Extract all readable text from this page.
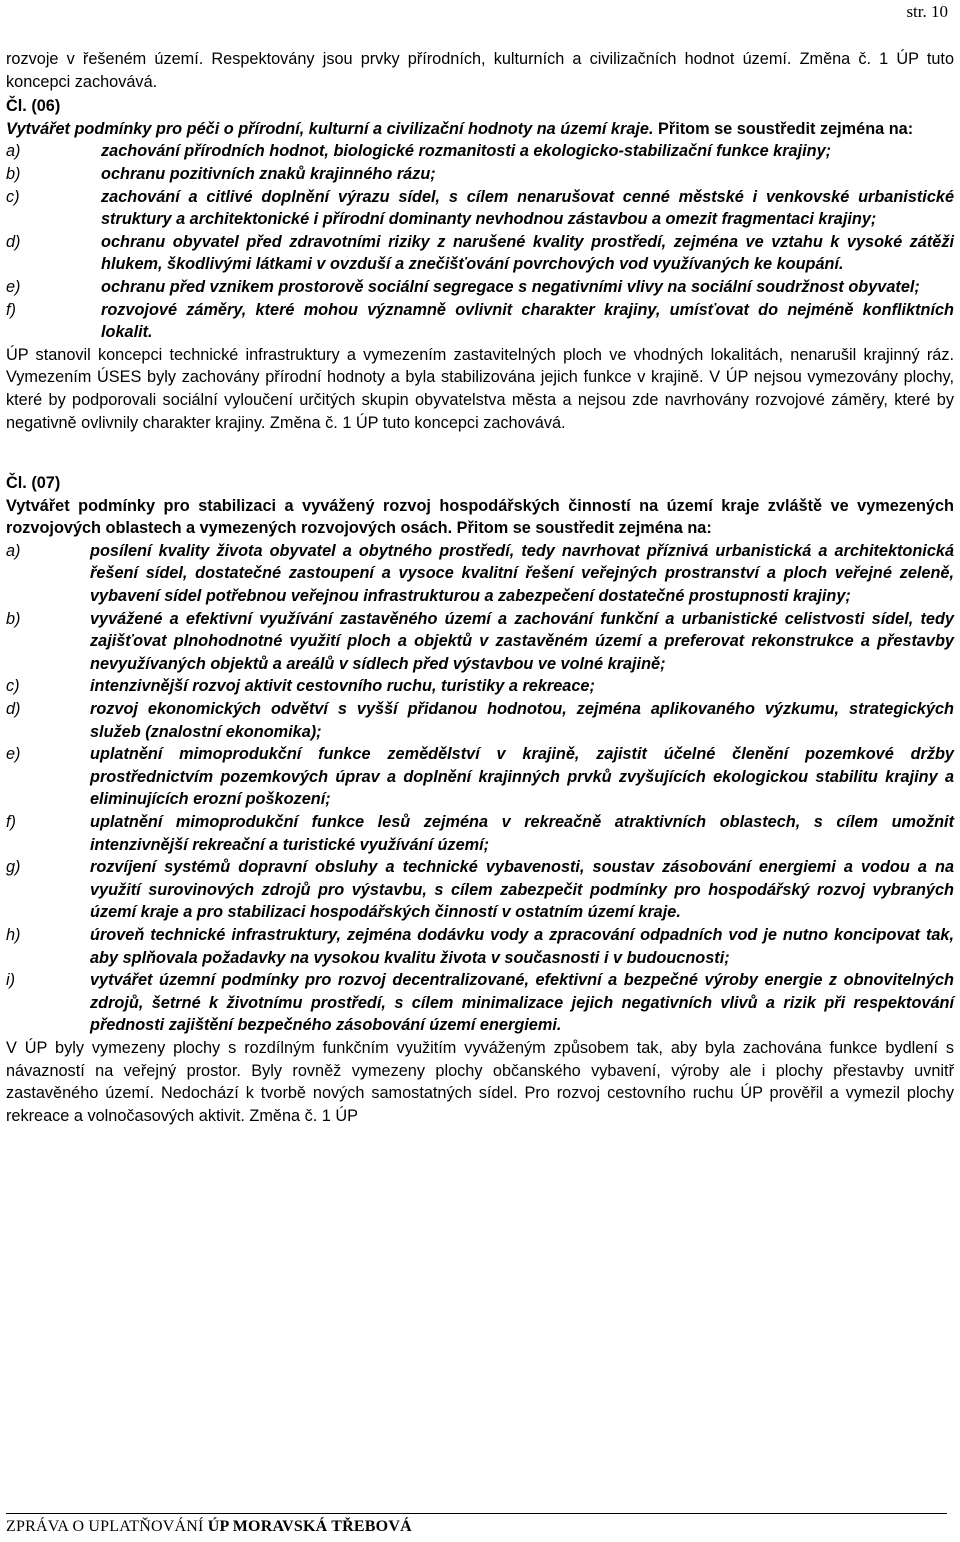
str. 10

rozvoje v řešeném území. Respektovány jsou prvky přírodních, kulturních a civilizačních hodnot území. Změna č. 1 ÚP tuto koncepci zachovává.

Čl. (06)

Vytvářet podmínky pro péči o přírodní, kulturní a civilizační hodnoty na území kraje. Přitom se soustředit zejména na:

a)	zachování přírodních hodnot, biologické rozmanitosti a ekologicko-stabilizační funkce krajiny;
b)	ochranu pozitivních znaků krajinného rázu;
c)	zachování a citlivé doplnění výrazu sídel, s cílem nenarušovat cenné městské i venkovské urbanistické struktury a architektonické i přírodní dominanty nevhodnou zástavbou a omezit fragmentaci krajiny;
d)	ochranu obyvatel před zdravotními riziky z narušené kvality prostředí, zejména ve vztahu k vysoké zátěži hlukem, škodlivými látkami v ovzduší a znečišťování povrchových vod využívaných ke koupání.
e)	ochranu před vznikem prostorově sociální segregace s negativními vlivy na sociální soudržnost obyvatel;
f)	rozvojové záměry, které mohou významně ovlivnit charakter krajiny, umísťovat do nejméně konfliktních lokalit.

ÚP stanovil koncepci technické infrastruktury a vymezením zastavitelných ploch ve vhodných lokalitách, nenarušil krajinný ráz. Vymezením ÚSES byly zachovány přírodní hodnoty a byla stabilizována jejich funkce v krajině. V ÚP nejsou vymezovány plochy, které by podporovali sociální vyloučení určitých skupin obyvatelstva města a nejsou zde navrhovány rozvojové záměry, které by negativně ovlivnily charakter krajiny. Změna č. 1 ÚP tuto koncepci zachovává.

Čl. (07)

Vytvářet podmínky pro stabilizaci a vyvážený rozvoj hospodářských činností na území kraje zvláště ve vymezených rozvojových oblastech a vymezených rozvojových osách. Přitom se soustředit zejména na:

a)	posílení kvality života obyvatel a obytného prostředí, tedy navrhovat příznivá urbanistická a architektonická řešení sídel, dostatečné zastoupení a vysoce kvalitní řešení veřejných prostranství a ploch veřejné zeleně, vybavení sídel potřebnou veřejnou infrastrukturou a zabezpečení dostatečné prostupnosti krajiny;
b)	vyvážené a efektivní využívání zastavěného území a zachování funkční a urbanistické celistvosti sídel, tedy zajišťovat plnohodnotné využití ploch a objektů v zastavěném území a preferovat rekonstrukce a přestavby nevyužívaných objektů a areálů v sídlech před výstavbou ve volné krajině;
c)	intenzivnější rozvoj aktivit cestovního ruchu, turistiky a rekreace;
d)	rozvoj ekonomických odvětví s vyšší přidanou hodnotou, zejména aplikovaného výzkumu, strategických služeb (znalostní ekonomika);
e)	uplatnění mimoprodukční funkce zemědělství v krajině, zajistit účelné členění pozemkové držby prostřednictvím pozemkových úprav a doplnění krajinných prvků zvyšujících ekologickou stabilitu krajiny a eliminujících erozní poškození;
f)	uplatnění mimoprodukční funkce lesů zejména v rekreačně atraktivních oblastech, s cílem umožnit intenzivnější rekreační a turistické využívání území;
g)	rozvíjení systémů dopravní obsluhy a technické vybavenosti, soustav zásobování energiemi a vodou a na využití surovinových zdrojů pro výstavbu, s cílem zabezpečit podmínky pro hospodářský rozvoj vybraných území kraje a pro stabilizaci hospodářských činností v ostatním území kraje.
h)	úroveň technické infrastruktury, zejména dodávku vody a zpracování odpadních vod je nutno koncipovat tak, aby splňovala požadavky na vysokou kvalitu života v současnosti i v budoucnosti;
i)	vytvářet územní podmínky pro rozvoj decentralizované, efektivní a bezpečné výroby energie z obnovitelných zdrojů, šetrné k životnímu prostředí, s cílem minimalizace jejich negativních vlivů a rizik při respektování přednosti zajištění bezpečného zásobování území energiemi.

V ÚP byly vymezeny plochy s rozdílným funkčním využitím vyváženým způsobem tak, aby byla zachována funkce bydlení s návazností na veřejný prostor. Byly rovněž vymezeny plochy občanského vybavení, výroby ale i plochy přestavby uvnitř zastavěného území. Nedochází k tvorbě nových samostatných sídel. Pro rozvoj cestovního ruchu ÚP prověřil a vymezil plochy rekreace a volnočasových aktivit. Změna č. 1 ÚP

ZPRÁVA O UPLATŇOVÁNÍ ÚP MORAVSKÁ TŘEBOVÁ
